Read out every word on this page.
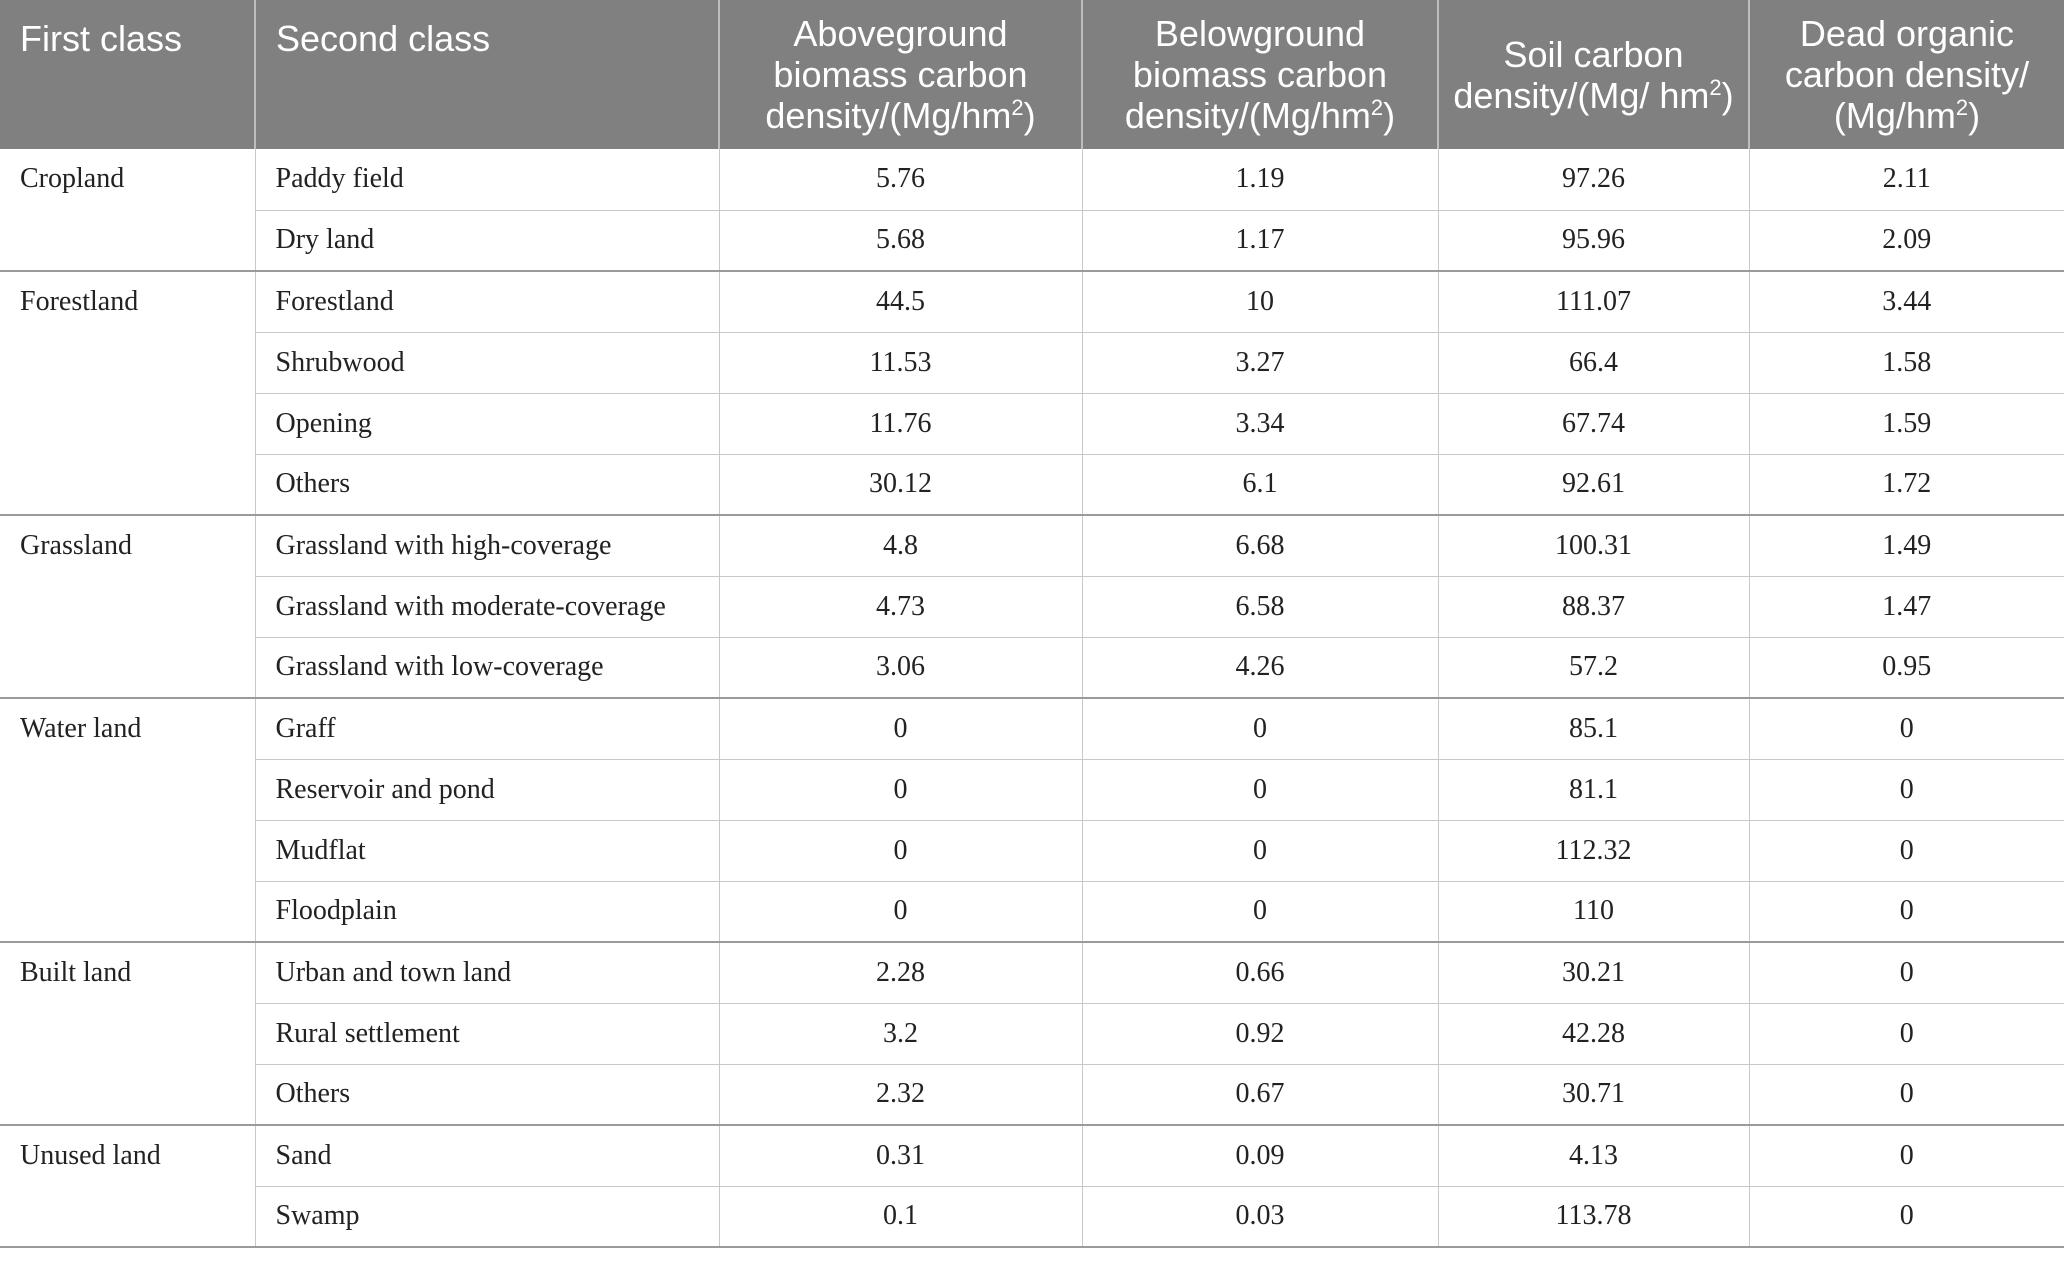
First class	Second class	Aboveground biomass carbon density/$(Mg/hm^2)$	Belowground biomass carbon density/$(Mg/hm^2)$	Soil carbon density/(Mg/ $hm^2$)	Dead organic carbon density/ $(Mg/hm^2)$
Cropland	Paddy field	5.76	1.19	97.26	2.11
	Dry land	5.68	1.17	95.96	2.09
Forestland	Forestland	44.5	10	111.07	3.44
	Shrubwood	11.53	3.27	66.4	1.58
	Opening	11.76	3.34	67.74	1.59
	Others	30.12	6.1	92.61	1.72
Grassland	Grassland with high-coverage	4.8	6.68	100.31	1.49
	Grassland with moderate-coverage	4.73	6.58	88.37	1.47
	Grassland with low-coverage	3.06	4.26	57.2	0.95
Water land	Graff	0	0	85.1	0
	Reservoir and pond	0	0	81.1	0
	Mudflat	0	0	112.32	0
	Floodplain	0	0	110	0
Built land	Urban and town land	2.28	0.66	30.21	0
	Rural settlement	3.2	0.92	42.28	0
	Others	2.32	0.67	30.71	0
Unused land	Sand	0.31	0.09	4.13	0
	Swamp	0.1	0.03	113.78	0
